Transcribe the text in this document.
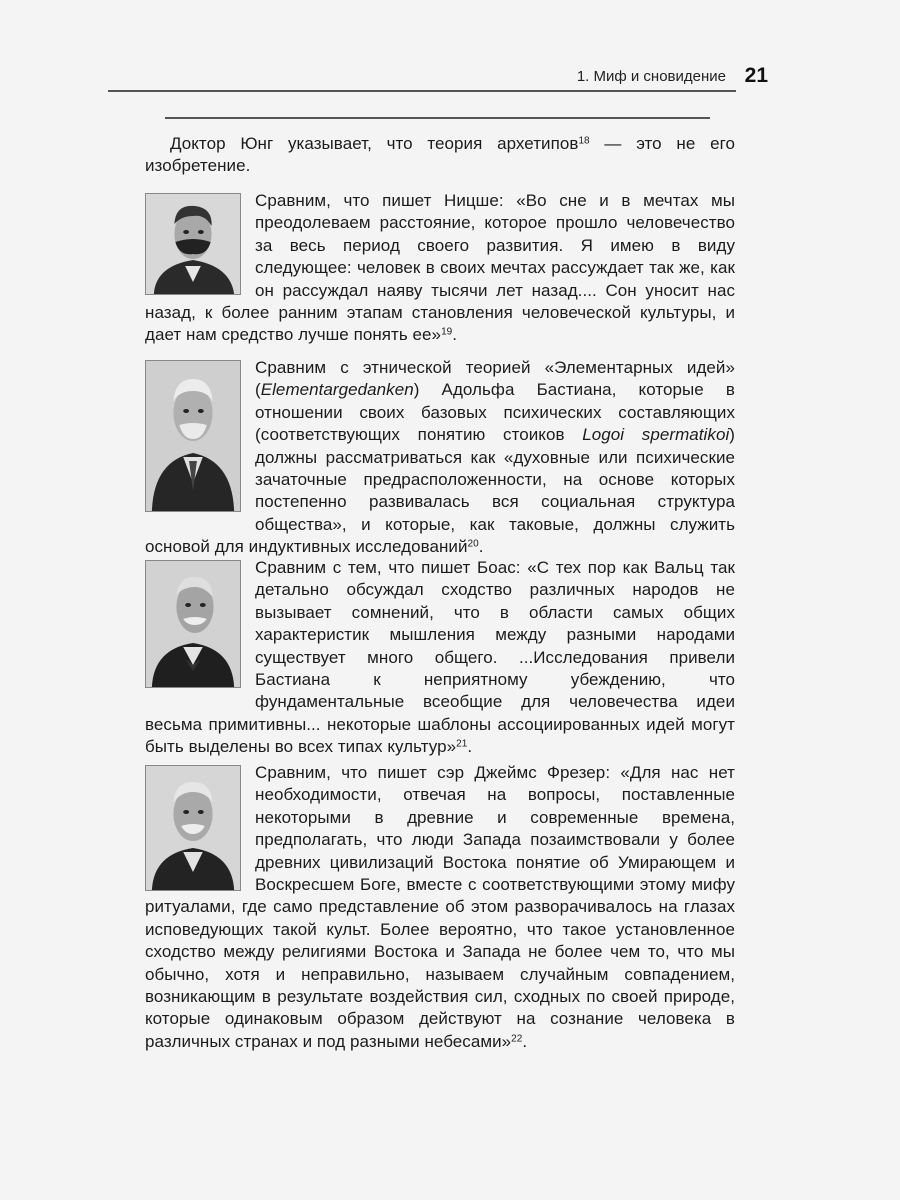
1. Миф и сновидение 21

Доктор Юнг указывает, что теория архетипов$^{18}$ — это не его изобретение.

Сравним, что пишет Ницше: «Во сне и в мечтах мы преодолеваем расстояние, которое прошло человечество за весь период своего развития. Я имею в виду следующее: человек в своих мечтах рассуждает так же, как он рассуждал наяву тысячи лет назад.... Сон уносит нас назад, к более ранним этапам становления человеческой культуры, и дает нам средство лучше понять ее»$^{19}$.
Сравним с этнической теорией «Элементарных идей» (Elementargedanken) Адольфа Бастиана, которые в отношении своих базовых психических составляющих (соответствующих понятию стоиков Logoi spermatikoi) должны рассматриваться как «духовные или психические зачаточные предрасположенности, на основе которых постепенно развивалась вся социальная структура общества», и которые, как таковые, должны служить основой для индуктивных исследований$^{20}$.
Сравним с тем, что пишет Боас: «С тех пор как Вальц так детально обсуждал сходство различных народов не вызывает сомнений, что в области самых общих характеристик мышления между разными народами существует много общего. ...Исследования привели Бастиана к неприятному убеждению, что фундаментальные всеобщие для человечества идеи весьма примитивны... некоторые шаблоны ассоциированных идей могут быть выделены во всех типах культур»$^{21}$.
Сравним, что пишет сэр Джеймс Фрезер: «Для нас нет необходимости, отвечая на вопросы, поставленные некоторыми в древние и современные времена, предполагать, что люди Запада позаимствовали у более древних цивилизаций Востока понятие об Умирающем и Воскресшем Боге, вместе с соответствующими этому мифу ритуалами, где само представление об этом разворачивалось на глазах исповедующих такой культ. Более вероятно, что такое установленное сходство между религиями Востока и Запада не более чем то, что мы обычно, хотя и неправильно, называем случайным совпадением, возникающим в результате воздействия сил, сходных по своей природе, которые одинаковым образом действуют на сознание человека в различных странах и под разными небесами»$^{22}$.
